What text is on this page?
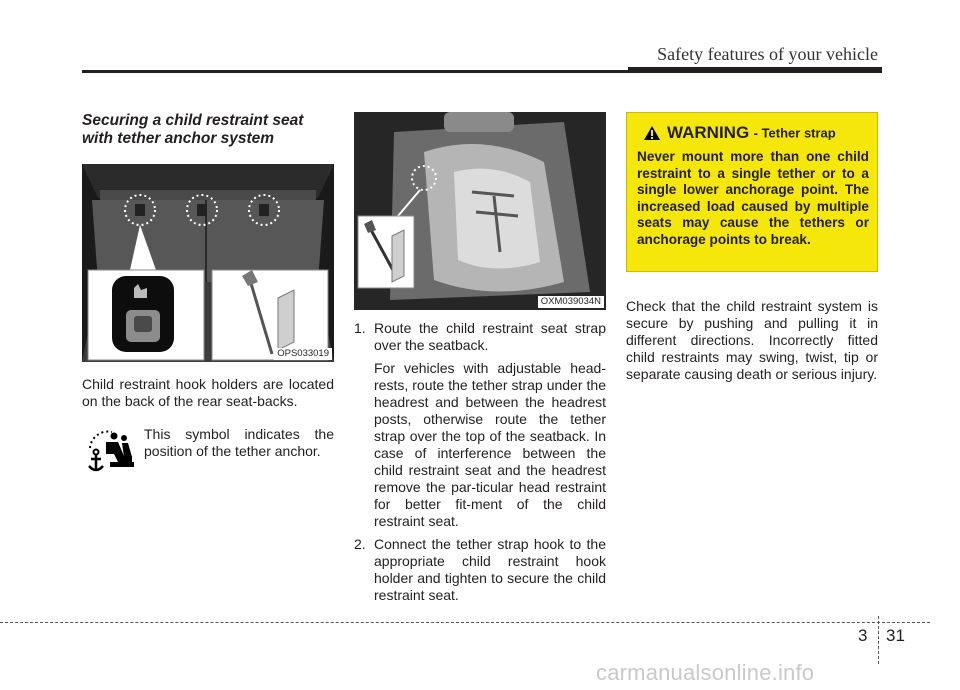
Safety features of your vehicle
Securing a child restraint seat with tether anchor system
OPS033019
Child restraint hook holders are located on the back of the rear seat-backs.
This symbol indicates the position of the tether anchor.
OXM039034N
1. Route the child restraint seat strap over the seatback.
For vehicles with adjustable head-rests, route the tether strap under the headrest and between the headrest posts, otherwise route the tether strap over the top of the seatback. In case of interference between the child restraint seat and the headrest remove the par-ticular head restraint for better fit-ment of the child restraint seat.
2. Connect the tether strap hook to the appropriate child restraint hook holder and tighten to secure the child restraint seat.
WARNING - Tether strap
Never mount more than one child restraint to a single tether or to a single lower anchorage point. The increased load caused by multiple seats may cause the tethers or anchorage points to break.
Check that the child restraint system is secure by pushing and pulling it in different directions. Incorrectly fitted child restraints may swing, twist, tip or separate causing death or serious injury.
3 31
carmanualsonline.info
